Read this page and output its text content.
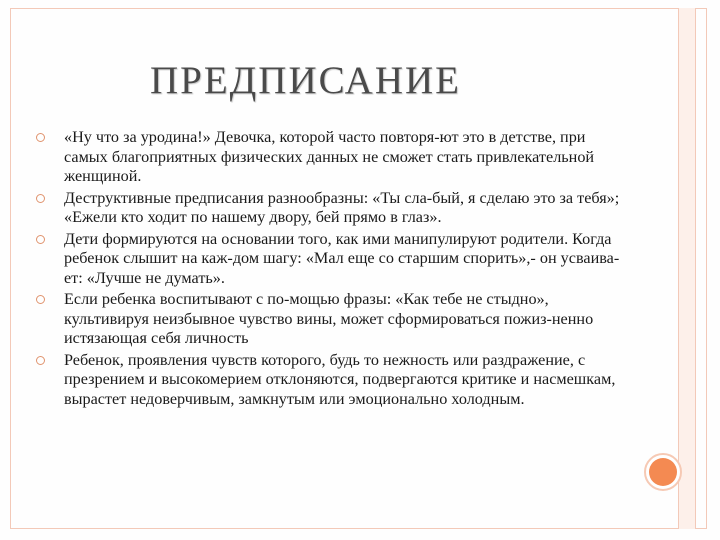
ПРЕДПИСАНИЕ

«Ну что за уродина!» Девочка, которой часто повторя-ют это в детстве, при самых благоприятных физических данных не сможет стать привлекательной женщиной.

Деструктивные предписания разнообразны: «Ты сла-бый, я сделаю это за тебя»; «Ежели кто ходит по нашему двору, бей прямо в глаз».

Дети формируются на основании того, как ими манипулируют родители. Когда ребенок слышит на каж-дом шагу: «Мал еще со старшим спорить»,- он усваива-ет: «Лучше не думать».

Если ребенка воспитывают с по-мощью фразы: «Как тебе не стыдно», культивируя неизбывное чувство вины, может сформироваться пожиз-ненно истязающая себя личность

Ребенок, проявления чувств которого, будь то нежность или раздражение, с презрением и высокомерием отклоняются, подвергаются критике и насмешкам, вырастет недоверчивым, замкнутым или эмоционально холодным.
